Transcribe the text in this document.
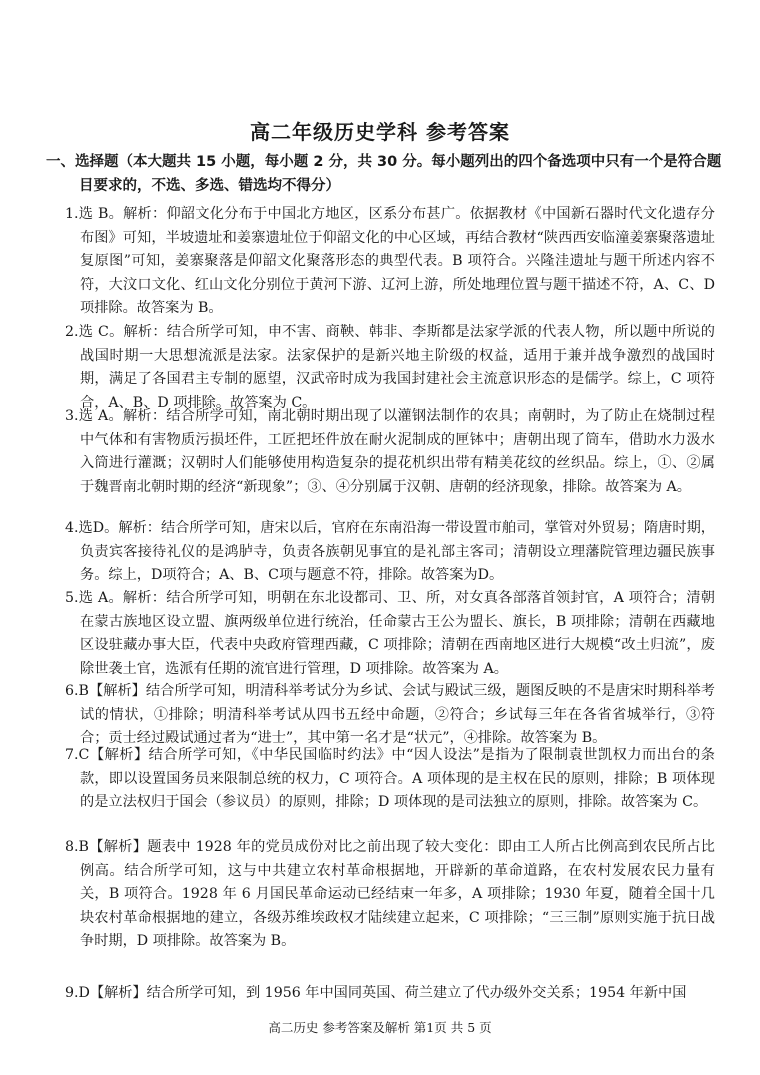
高二年级历史学科 参考答案
一、选择题（本大题共 15 小题，每小题 2 分，共 30 分。每小题列出的四个备选项中只有一个是符合题目要求的，不选、多选、错选均不得分）
1.选 B。解析：仰韶文化分布于中国北方地区，区系分布甚广。依据教材《中国新石器时代文化遗存分布图》可知，半坡遗址和姜寨遗址位于仰韶文化的中心区域，再结合教材“陕西西安临潼姜寨聚落遗址复原图”可知，姜寨聚落是仰韶文化聚落形态的典型代表。B 项符合。兴隆洼遗址与题干所述内容不符，大汶口文化、红山文化分别位于黄河下游、辽河上游，所处地理位置与题干描述不符，A、C、D 项排除。故答案为 B。
2.选 C。解析：结合所学可知，申不害、商鞅、韩非、李斯都是法家学派的代表人物，所以题中所说的战国时期一大思想流派是法家。法家保护的是新兴地主阶级的权益，适用于兼并战争激烈的战国时期，满足了各国君主专制的愿望，汉武帝时成为我国封建社会主流意识形态的是儒学。综上，C 项符合，A、B、D 项排除。故答案为 C。
3.选 A。解析：结合所学可知，南北朝时期出现了以灌钢法制作的农具；南朝时，为了防止在烧制过程中气体和有害物质污损坯件，工匠把坯件放在耐火泥制成的匣钵中；唐朝出现了筒车，借助水力汲水入筒进行灌溉；汉朝时人们能够使用构造复杂的提花机织出带有精美花纹的丝织品。综上，①、②属于魏晋南北朝时期的经济“新现象”；③、④分别属于汉朝、唐朝的经济现象，排除。故答案为 A。
4.选D。解析：结合所学可知，唐宋以后，官府在东南沿海一带设置市舶司，掌管对外贸易；隋唐时期，负责宾客接待礼仪的是鸿胪寺，负责各族朝见事宜的是礼部主客司；清朝设立理藩院管理边疆民族事务。综上，D项符合；A、B、C项与题意不符，排除。故答案为D。
5.选 A。解析：结合所学可知，明朝在东北设都司、卫、所，对女真各部落首领封官，A 项符合；清朝在蒙古族地区设立盟、旗两级单位进行统治，任命蒙古王公为盟长、旗长，B 项排除；清朝在西藏地区设驻藏办事大臣，代表中央政府管理西藏，C 项排除；清朝在西南地区进行大规模“改土归流”，废除世袭土官，选派有任期的流官进行管理，D 项排除。故答案为 A。
6.B【解析】结合所学可知，明清科举考试分为乡试、会试与殿试三级，题图反映的不是唐宋时期科举考试的情状，①排除；明清科举考试从四书五经中命题，②符合；乡试每三年在各省省城举行，③符合；贡士经过殿试通过者为“进士”，其中第一名才是“状元”，④排除。故答案为 B。
7.C【解析】结合所学可知，《中华民国临时约法》中“因人设法”是指为了限制袁世凯权力而出台的条款，即以设置国务员来限制总统的权力，C 项符合。A 项体现的是主权在民的原则，排除；B 项体现的是立法权归于国会（参议员）的原则，排除；D 项体现的是司法独立的原则，排除。故答案为 C。
8.B【解析】题表中 1928 年的党员成份对比之前出现了较大变化：即由工人所占比例高到农民所占比例高。结合所学可知，这与中共建立农村革命根据地，开辟新的革命道路，在农村发展农民力量有关，B 项符合。1928 年 6 月国民革命运动已经结束一年多，A 项排除；1930 年夏，随着全国十几块农村革命根据地的建立，各级苏维埃政权才陆续建立起来，C 项排除；“三三制”原则实施于抗日战争时期，D 项排除。故答案为 B。
9.D【解析】结合所学可知，到 1956 年中国同英国、荷兰建立了代办级外交关系；1954 年新中国
高二历史 参考答案及解析 第1页 共 5 页
